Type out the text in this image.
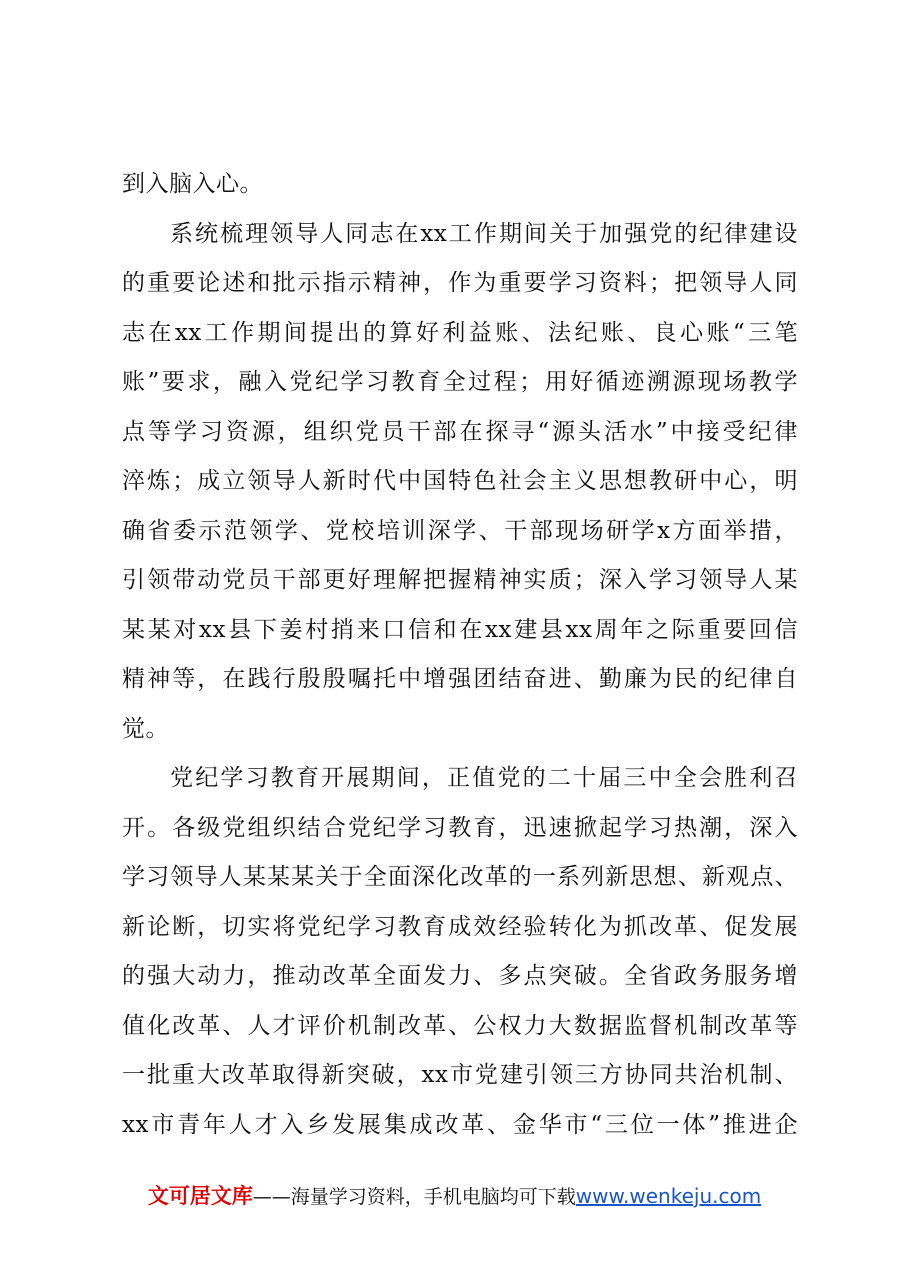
到入脑入心。
系统梳理领导人同志在xx工作期间关于加强党的纪律建设
的重要论述和批示指示精神，作为重要学习资料；把领导人同
志在xx工作期间提出的算好利益账、法纪账、良心账“三笔
账”要求，融入党纪学习教育全过程；用好循迹溯源现场教学
点等学习资源，组织党员干部在探寻“源头活水”中接受纪律
淬炼；成立领导人新时代中国特色社会主义思想教研中心，明
确省委示范领学、党校培训深学、干部现场研学x方面举措，
引领带动党员干部更好理解把握精神实质；深入学习领导人某
某某对xx县下姜村捎来口信和在xx建县xx周年之际重要回信
精神等，在践行殷殷嘱托中增强团结奋进、勤廉为民的纪律自
觉。
党纪学习教育开展期间，正值党的二十届三中全会胜利召
开。各级党组织结合党纪学习教育，迅速掀起学习热潮，深入
学习领导人某某某关于全面深化改革的一系列新思想、新观点、
新论断，切实将党纪学习教育成效经验转化为抓改革、促发展
的强大动力，推动改革全面发力、多点突破。全省政务服务增
值化改革、人才评价机制改革、公权力大数据监督机制改革等
一批重大改革取得新突破，xx市党建引领三方协同共治机制、
xx市青年人才入乡发展集成改革、金华市“三位一体”推进企
文可居文库——海量学习资料，手机电脑均可下载www.wenkeju.com
